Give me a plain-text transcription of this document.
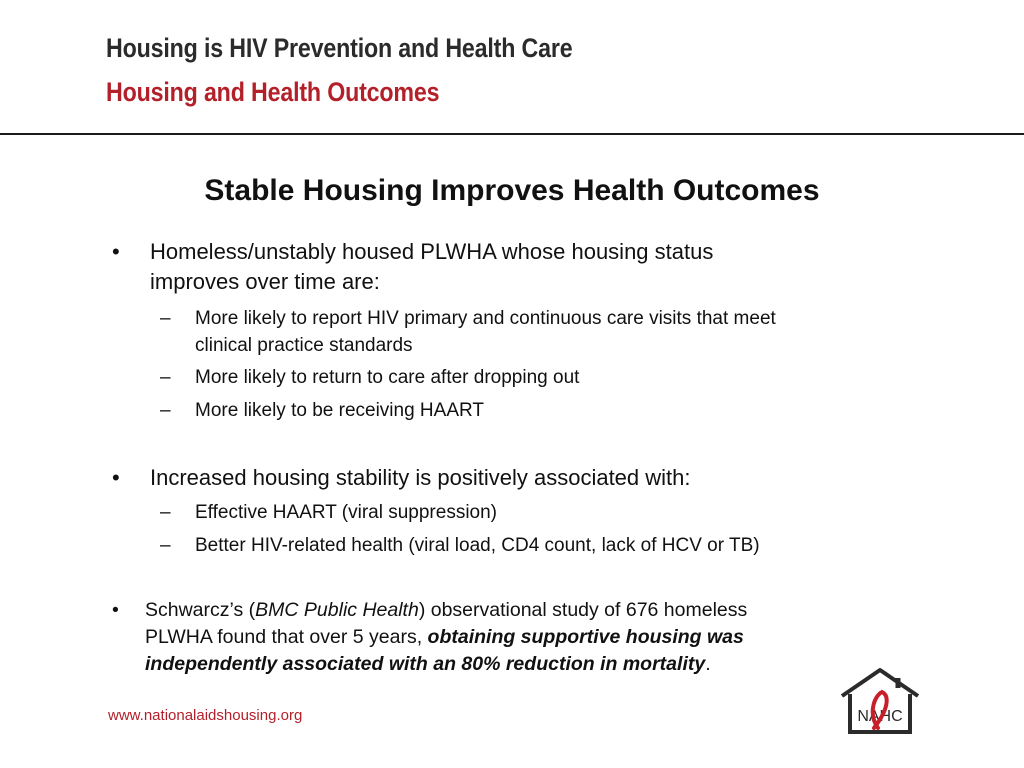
Housing is HIV Prevention and Health Care
Housing and Health Outcomes
Stable Housing Improves Health Outcomes
• Homeless/unstably housed PLWHA whose housing status
improves over time are:
– More likely to report HIV primary and continuous care visits that meet
clinical practice standards
– More likely to return to care after dropping out
– More likely to be receiving HAART
• Increased housing stability is positively associated with:
– Effective HAART (viral suppression)
– Better HIV-related health (viral load, CD4 count, lack of HCV or TB)
• Schwarcz’s (BMC Public Health) observational study of 676 homeless
PLWHA found that over 5 years, obtaining supportive housing was
independently associated with an 80% reduction in mortality.
www.nationalaidshousing.org	NAHC
